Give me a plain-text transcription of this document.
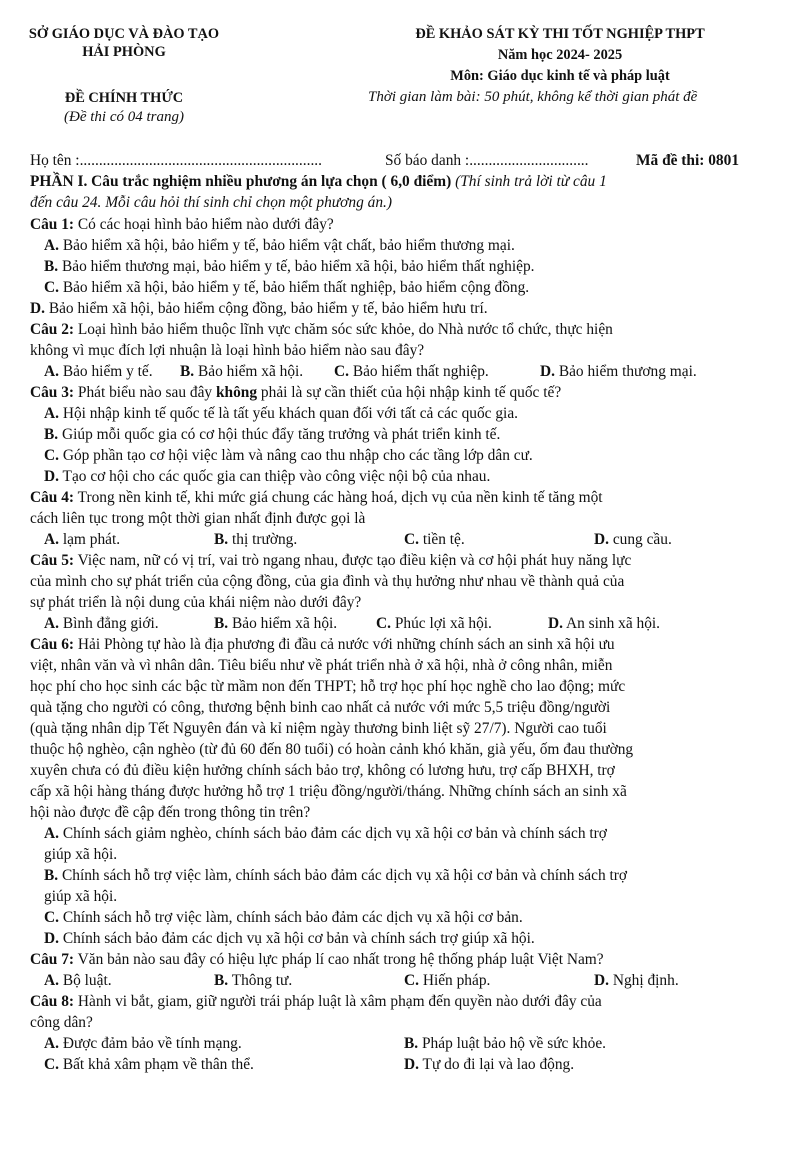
SỞ GIÁO DỤC VÀ ĐÀO TẠO
HẢI PHÒNG
ĐỀ KHẢO SÁT KỲ THI TỐT NGHIỆP THPT
Năm học 2024- 2025
Môn: Giáo dục kinh tế và pháp luật
ĐỀ CHÍNH THỨC	Thời gian làm bài: 50 phút, không kể thời gian phát đề
(Đề thi có 04 trang)
Họ tên :...............................................................	Số báo danh :...............................	Mã đề thi: 0801
PHẦN I. Câu trắc nghiệm nhiều phương án lựa chọn ( 6,0 điểm) (Thí sinh trả lời từ câu 1
đến câu 24. Mỗi câu hỏi thí sinh chỉ chọn một phương án.)
Câu 1: Có các hoại hình bảo hiểm nào dưới đây?
A. Bảo hiểm xã hội, bảo hiểm y tế, bảo hiểm vật chất, bảo hiểm thương mại.
B. Bảo hiểm thương mại, bảo hiểm y tế, bảo hiểm xã hội, bảo hiểm thất nghiệp.
C. Bảo hiểm xã hội, bảo hiểm y tế, bảo hiểm thất nghiệp, bảo hiểm cộng đồng.
D. Bảo hiểm xã hội, bảo hiểm cộng đồng, bảo hiểm y tế, bảo hiểm hưu trí.
Câu 2: Loại hình bảo hiểm thuộc lĩnh vực chăm sóc sức khỏe, do Nhà nước tổ chức, thực hiện
không vì mục đích lợi nhuận là loại hình bảo hiểm nào sau đây?
A. Bảo hiểm y tế. B. Bảo hiểm xã hội. C. Bảo hiểm thất nghiệp.	D. Bảo hiểm thương mại.
Câu 3: Phát biểu nào sau đây không phải là sự cần thiết của hội nhập kinh tế quốc tế?
A. Hội nhập kinh tế quốc tế là tất yếu khách quan đối với tất cả các quốc gia.
B. Giúp mỗi quốc gia có cơ hội thúc đẩy tăng trưởng và phát triển kinh tế.
C. Góp phần tạo cơ hội việc làm và nâng cao thu nhập cho các tầng lớp dân cư.
D. Tạo cơ hội cho các quốc gia can thiệp vào công việc nội bộ của nhau.
Câu 4: Trong nền kinh tế, khi mức giá chung các hàng hoá, dịch vụ của nền kinh tế tăng một
cách liên tục trong một thời gian nhất định được gọi là
A. lạm phát.	B. thị trường.	C. tiền tệ.	D. cung cầu.
Câu 5: Việc nam, nữ có vị trí, vai trò ngang nhau, được tạo điều kiện và cơ hội phát huy năng lực
của mình cho sự phát triển của cộng đồng, của gia đình và thụ hưởng như nhau về thành quả của
sự phát triển là nội dung của khái niệm nào dưới đây?
A. Bình đẳng giới.	B. Bảo hiểm xã hội.	C. Phúc lợi xã hội.	D. An sinh xã hội.
Câu 6: Hải Phòng tự hào là địa phương đi đầu cả nước với những chính sách an sinh xã hội ưu
việt, nhân văn và vì nhân dân. Tiêu biểu như về phát triển nhà ở xã hội, nhà ở công nhân, miễn
học phí cho học sinh các bậc từ mầm non đến THPT; hỗ trợ học phí học nghề cho lao động; mức
quà tặng cho người có công, thương bệnh binh cao nhất cả nước với mức 5,5 triệu đồng/người
(quà tặng nhân dịp Tết Nguyên đán và kỉ niệm ngày thương binh liệt sỹ 27/7). Người cao tuổi
thuộc hộ nghèo, cận nghèo (từ đủ 60 đến 80 tuổi) có hoàn cảnh khó khăn, già yếu, ốm đau thường
xuyên chưa có đủ điều kiện hưởng chính sách bảo trợ, không có lương hưu, trợ cấp BHXH, trợ
cấp xã hội hàng tháng được hưởng hỗ trợ 1 triệu đồng/người/tháng. Những chính sách an sinh xã
hội nào được đề cập đến trong thông tin trên?
A. Chính sách giảm nghèo, chính sách bảo đảm các dịch vụ xã hội cơ bản và chính sách trợ
giúp xã hội.
B. Chính sách hỗ trợ việc làm, chính sách bảo đảm các dịch vụ xã hội cơ bản và chính sách trợ
giúp xã hội.
C. Chính sách hỗ trợ việc làm, chính sách bảo đảm các dịch vụ xã hội cơ bản.
D. Chính sách bảo đảm các dịch vụ xã hội cơ bản và chính sách trợ giúp xã hội.
Câu 7: Văn bản nào sau đây có hiệu lực pháp lí cao nhất trong hệ thống pháp luật Việt Nam?
A. Bộ luật.	B. Thông tư.	C. Hiến pháp.	D. Nghị định.
Câu 8: Hành vi bắt, giam, giữ người trái pháp luật là xâm phạm đến quyền nào dưới đây của
công dân?
A. Được đảm bảo về tính mạng.	B. Pháp luật bảo hộ về sức khỏe.
C. Bất khả xâm phạm về thân thể.	D. Tự do đi lại và lao động.
